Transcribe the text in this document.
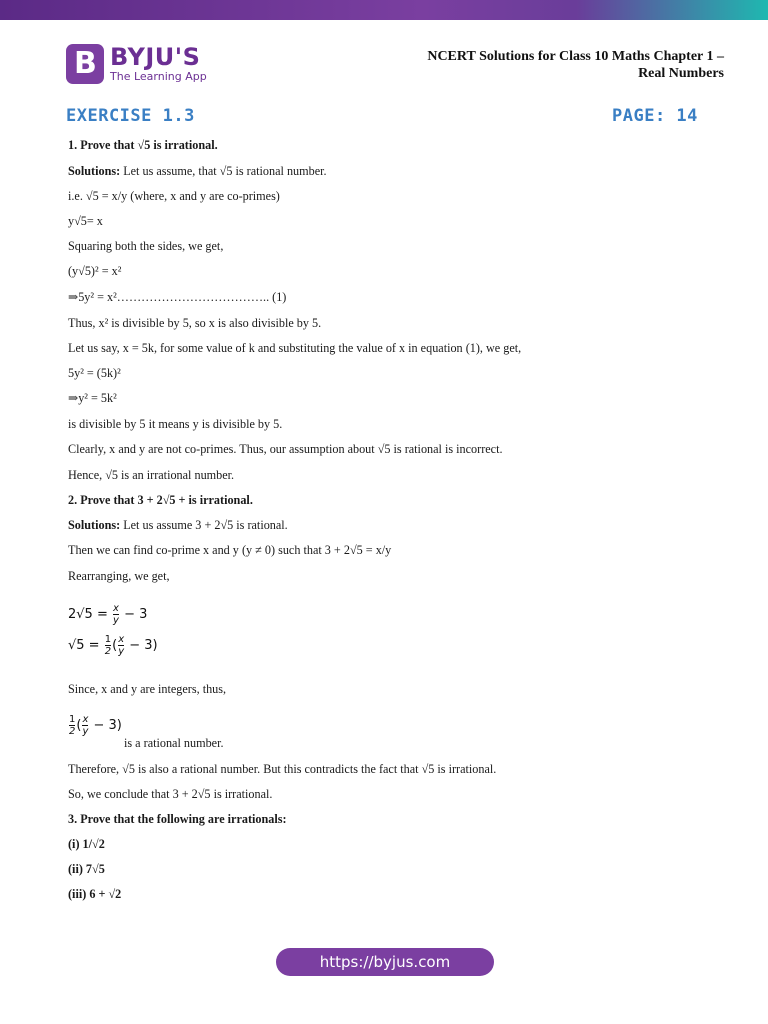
B BYJU'S
The Learning App
NCERT Solutions for Class 10 Maths Chapter 1 –
Real Numbers
EXERCISE 1.3	PAGE: 14
1. Prove that √5 is irrational.
Solutions: Let us assume, that √5 is rational number.
i.e. √5 = x/y (where, x and y are co-primes)
y√5= x
Squaring both the sides, we get,
(y√5)² = x²
⇒5y² = x²……………………………….. (1)
Thus, x² is divisible by 5, so x is also divisible by 5.
Let us say, x = 5k, for some value of k and substituting the value of x in equation (1), we get,
5y² = (5k)²
⇒y² = 5k²
is divisible by 5 it means y is divisible by 5.
Clearly, x and y are not co-primes. Thus, our assumption about √5 is rational is incorrect.
Hence, √5 is an irrational number.
2. Prove that 3 + 2√5 + is irrational.
Solutions: Let us assume 3 + 2√5 is rational.
Then we can find co-prime x and y (y ≠ 0) such that 3 + 2√5 = x/y
Rearranging, we get,
$2√5 = \frac{x}{y} - 3$
$√5 = \frac{1}{2}$ ( $\frac{x}{y} - 3$)
Since, x and y are integers, thus,
$\frac{1}{2}$ ( $\frac{x}{y} - 3$)
is a rational number.
Therefore, √5 is also a rational number. But this contradicts the fact that √5 is irrational.
So, we conclude that 3 + 2√5 is irrational.
3. Prove that the following are irrationals:
(i) 1/√2
(ii) 7√5
(iii) 6 + √2
https://byjus.com
